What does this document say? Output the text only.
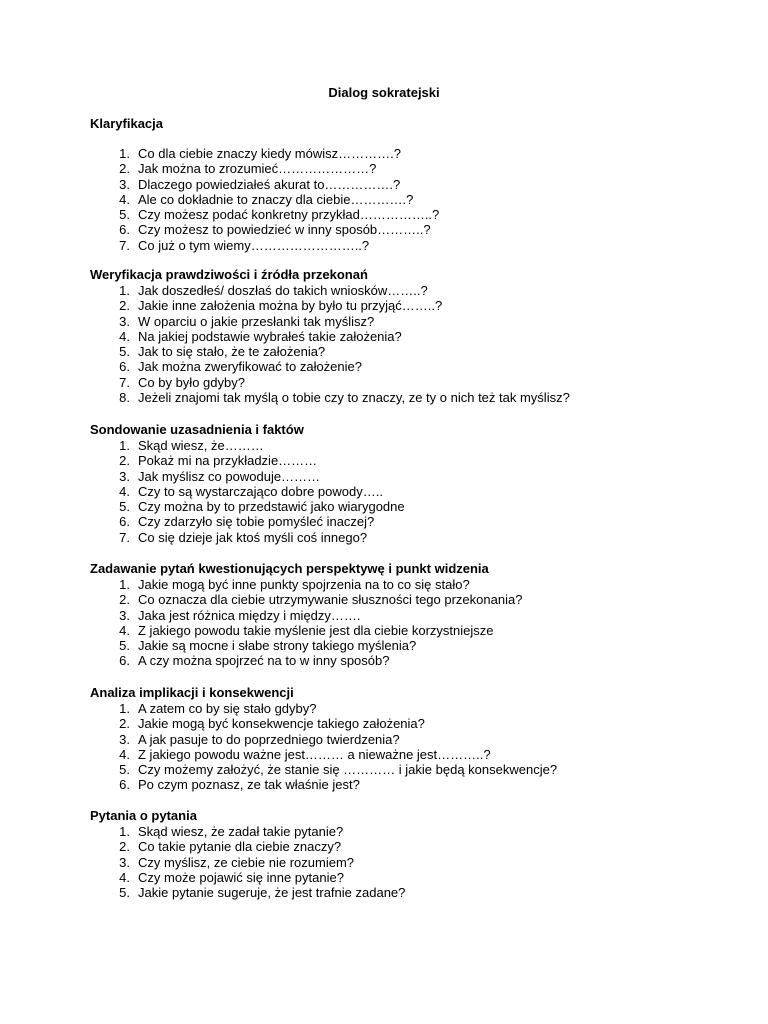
Dialog sokratejski
Klaryfikacja
1. Co dla ciebie znaczy kiedy mówisz………….?
2. Jak można to zrozumieć…………………?
3. Dlaczego powiedziałeś akurat to…………….?
4. Ale co dokładnie to znaczy dla ciebie………….?
5. Czy możesz podać konkretny przykład……………..?
6. Czy możesz to powiedzieć w inny sposób………..?
7. Co już o tym wiemy……………………..?
Weryfikacja prawdziwości i źródła przekonań
1. Jak doszedłeś/ doszłaś do takich wniosków……..?
2. Jakie inne założenia można by było tu przyjąć……..?
3. W oparciu o jakie przesłanki tak myślisz?
4. Na jakiej podstawie wybrałeś takie założenia?
5. Jak to się stało, że te założenia?
6. Jak można zweryfikować to założenie?
7. Co by było gdyby?
8. Jeżeli znajomi tak myślą o tobie czy to znaczy, ze ty o nich też tak myślisz?
Sondowanie uzasadnienia i faktów
1. Skąd wiesz, że………
2. Pokaż mi na przykładzie………
3. Jak myślisz co powoduje………
4. Czy to są wystarczająco dobre powody…..
5. Czy można by to przedstawić jako wiarygodne
6. Czy zdarzyło się tobie pomyśleć inaczej?
7. Co się dzieje jak ktoś myśli coś innego?
Zadawanie pytań kwestionujących perspektywę i punkt widzenia
1. Jakie mogą być inne punkty spojrzenia na to co się stało?
2. Co oznacza dla ciebie utrzymywanie słuszności tego przekonania?
3. Jaka jest różnica między i między…….
4. Z jakiego powodu takie myślenie jest dla ciebie korzystniejsze
5. Jakie są mocne i słabe strony takiego myślenia?
6. A czy można spojrzeć na to w inny sposób?
Analiza implikacji i konsekwencji
1. A zatem co by się stało gdyby?
2. Jakie mogą być konsekwencje takiego założenia?
3. A jak pasuje to do poprzedniego twierdzenia?
4. Z jakiego powodu ważne jest……… a nieważne jest………..?
5. Czy możemy założyć, że stanie się ………… i jakie będą konsekwencje?
6. Po czym poznasz, ze tak właśnie jest?
Pytania o pytania
1. Skąd wiesz, że zadał takie pytanie?
2. Co takie pytanie dla ciebie znaczy?
3. Czy myślisz, ze ciebie nie rozumiem?
4. Czy może pojawić się inne pytanie?
5. Jakie pytanie sugeruje, że jest trafnie zadane?
